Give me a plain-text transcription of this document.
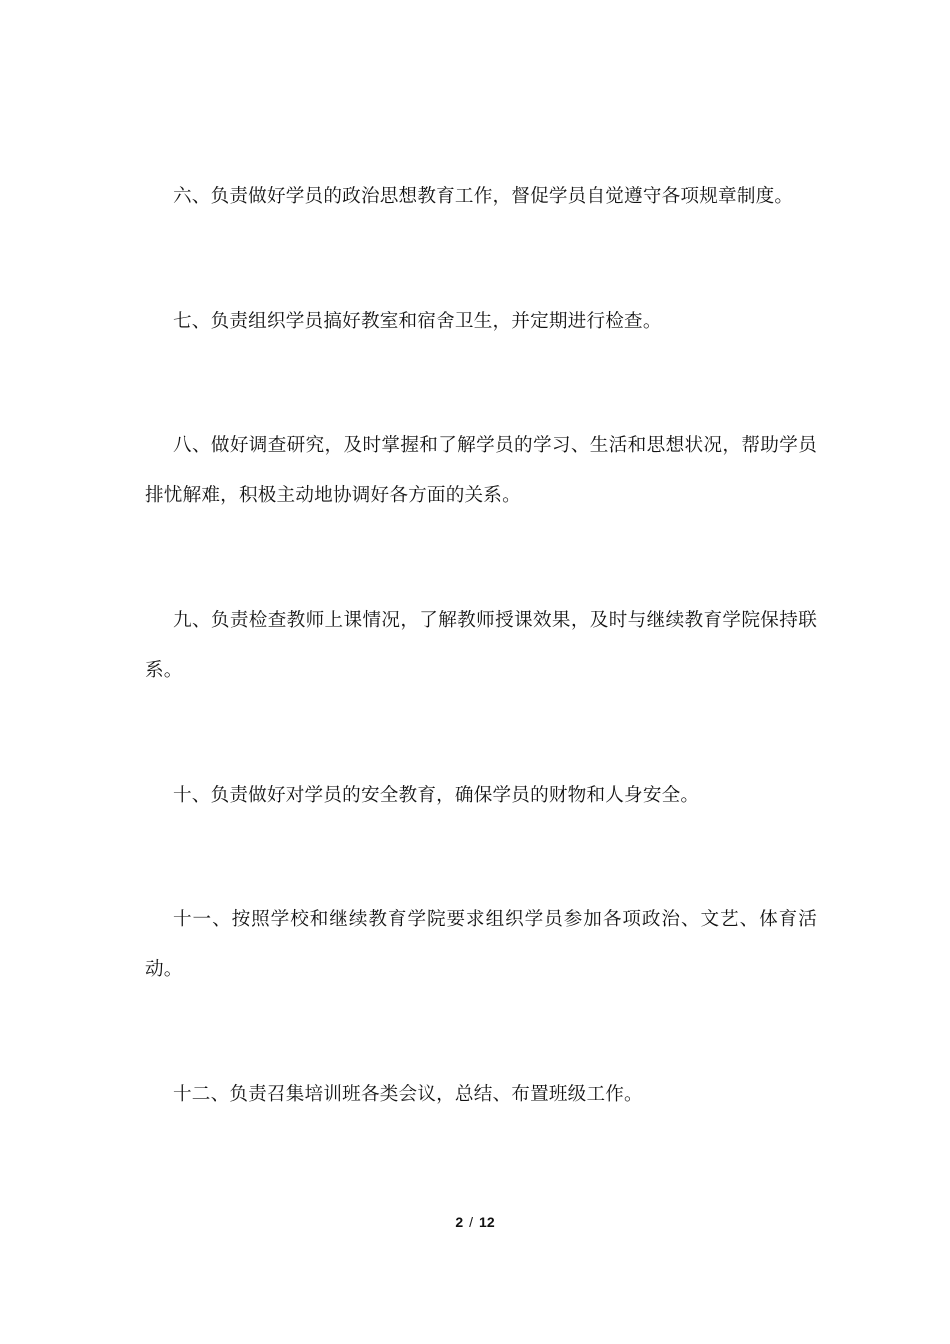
六、负责做好学员的政治思想教育工作，督促学员自觉遵守各项规章制度。

七、负责组织学员搞好教室和宿舍卫生，并定期进行检查。

八、做好调查研究，及时掌握和了解学员的学习、生活和思想状况，帮助学员排忧解难，积极主动地协调好各方面的关系。

九、负责检查教师上课情况，了解教师授课效果，及时与继续教育学院保持联系。

十、负责做好对学员的安全教育，确保学员的财物和人身安全。

十一、按照学校和继续教育学院要求组织学员参加各项政治、文艺、体育活动。

十二、负责召集培训班各类会议，总结、布置班级工作。

2 / 12
